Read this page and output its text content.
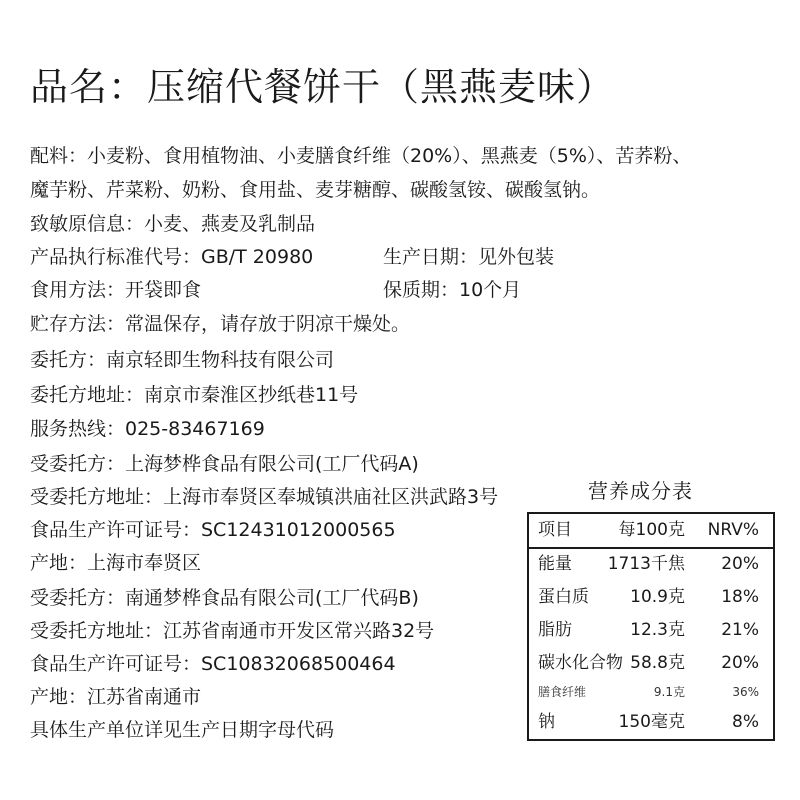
品名：压缩代餐饼干（黑燕麦味）
配料：小麦粉、食用植物油、小麦膳食纤维（20%）、黑燕麦（5%）、苦荞粉、
魔芋粉、芹菜粉、奶粉、食用盐、麦芽糖醇、碳酸氢铵、碳酸氢钠。
致敏原信息：小麦、燕麦及乳制品
产品执行标准代号：GB/T 20980	生产日期：见外包装
食用方法：开袋即食	保质期：10个月
贮存方法：常温保存，请存放于阴凉干燥处。
委托方：南京轻即生物科技有限公司
委托方地址：南京市秦淮区抄纸巷11号
服务热线：025-83467169
受委托方：上海梦桦食品有限公司(工厂代码A)
受委托方地址：上海市奉贤区奉城镇洪庙社区洪武路3号
食品生产许可证号：SC12431012000565
产地：上海市奉贤区
受委托方：南通梦桦食品有限公司(工厂代码B)
受委托方地址：江苏省南通市开发区常兴路32号
食品生产许可证号：SC10832068500464
产地：江苏省南通市
具体生产单位详见生产日期字母代码
营养成分表
项目	每100克 NRV%
能量 1713千焦 20%
蛋白质 10.9克 18%
脂肪	12.3克 21%
碳水化合物 58.8克 20%
膳食纤维	9.1克	36%
钠	150毫克	8%
